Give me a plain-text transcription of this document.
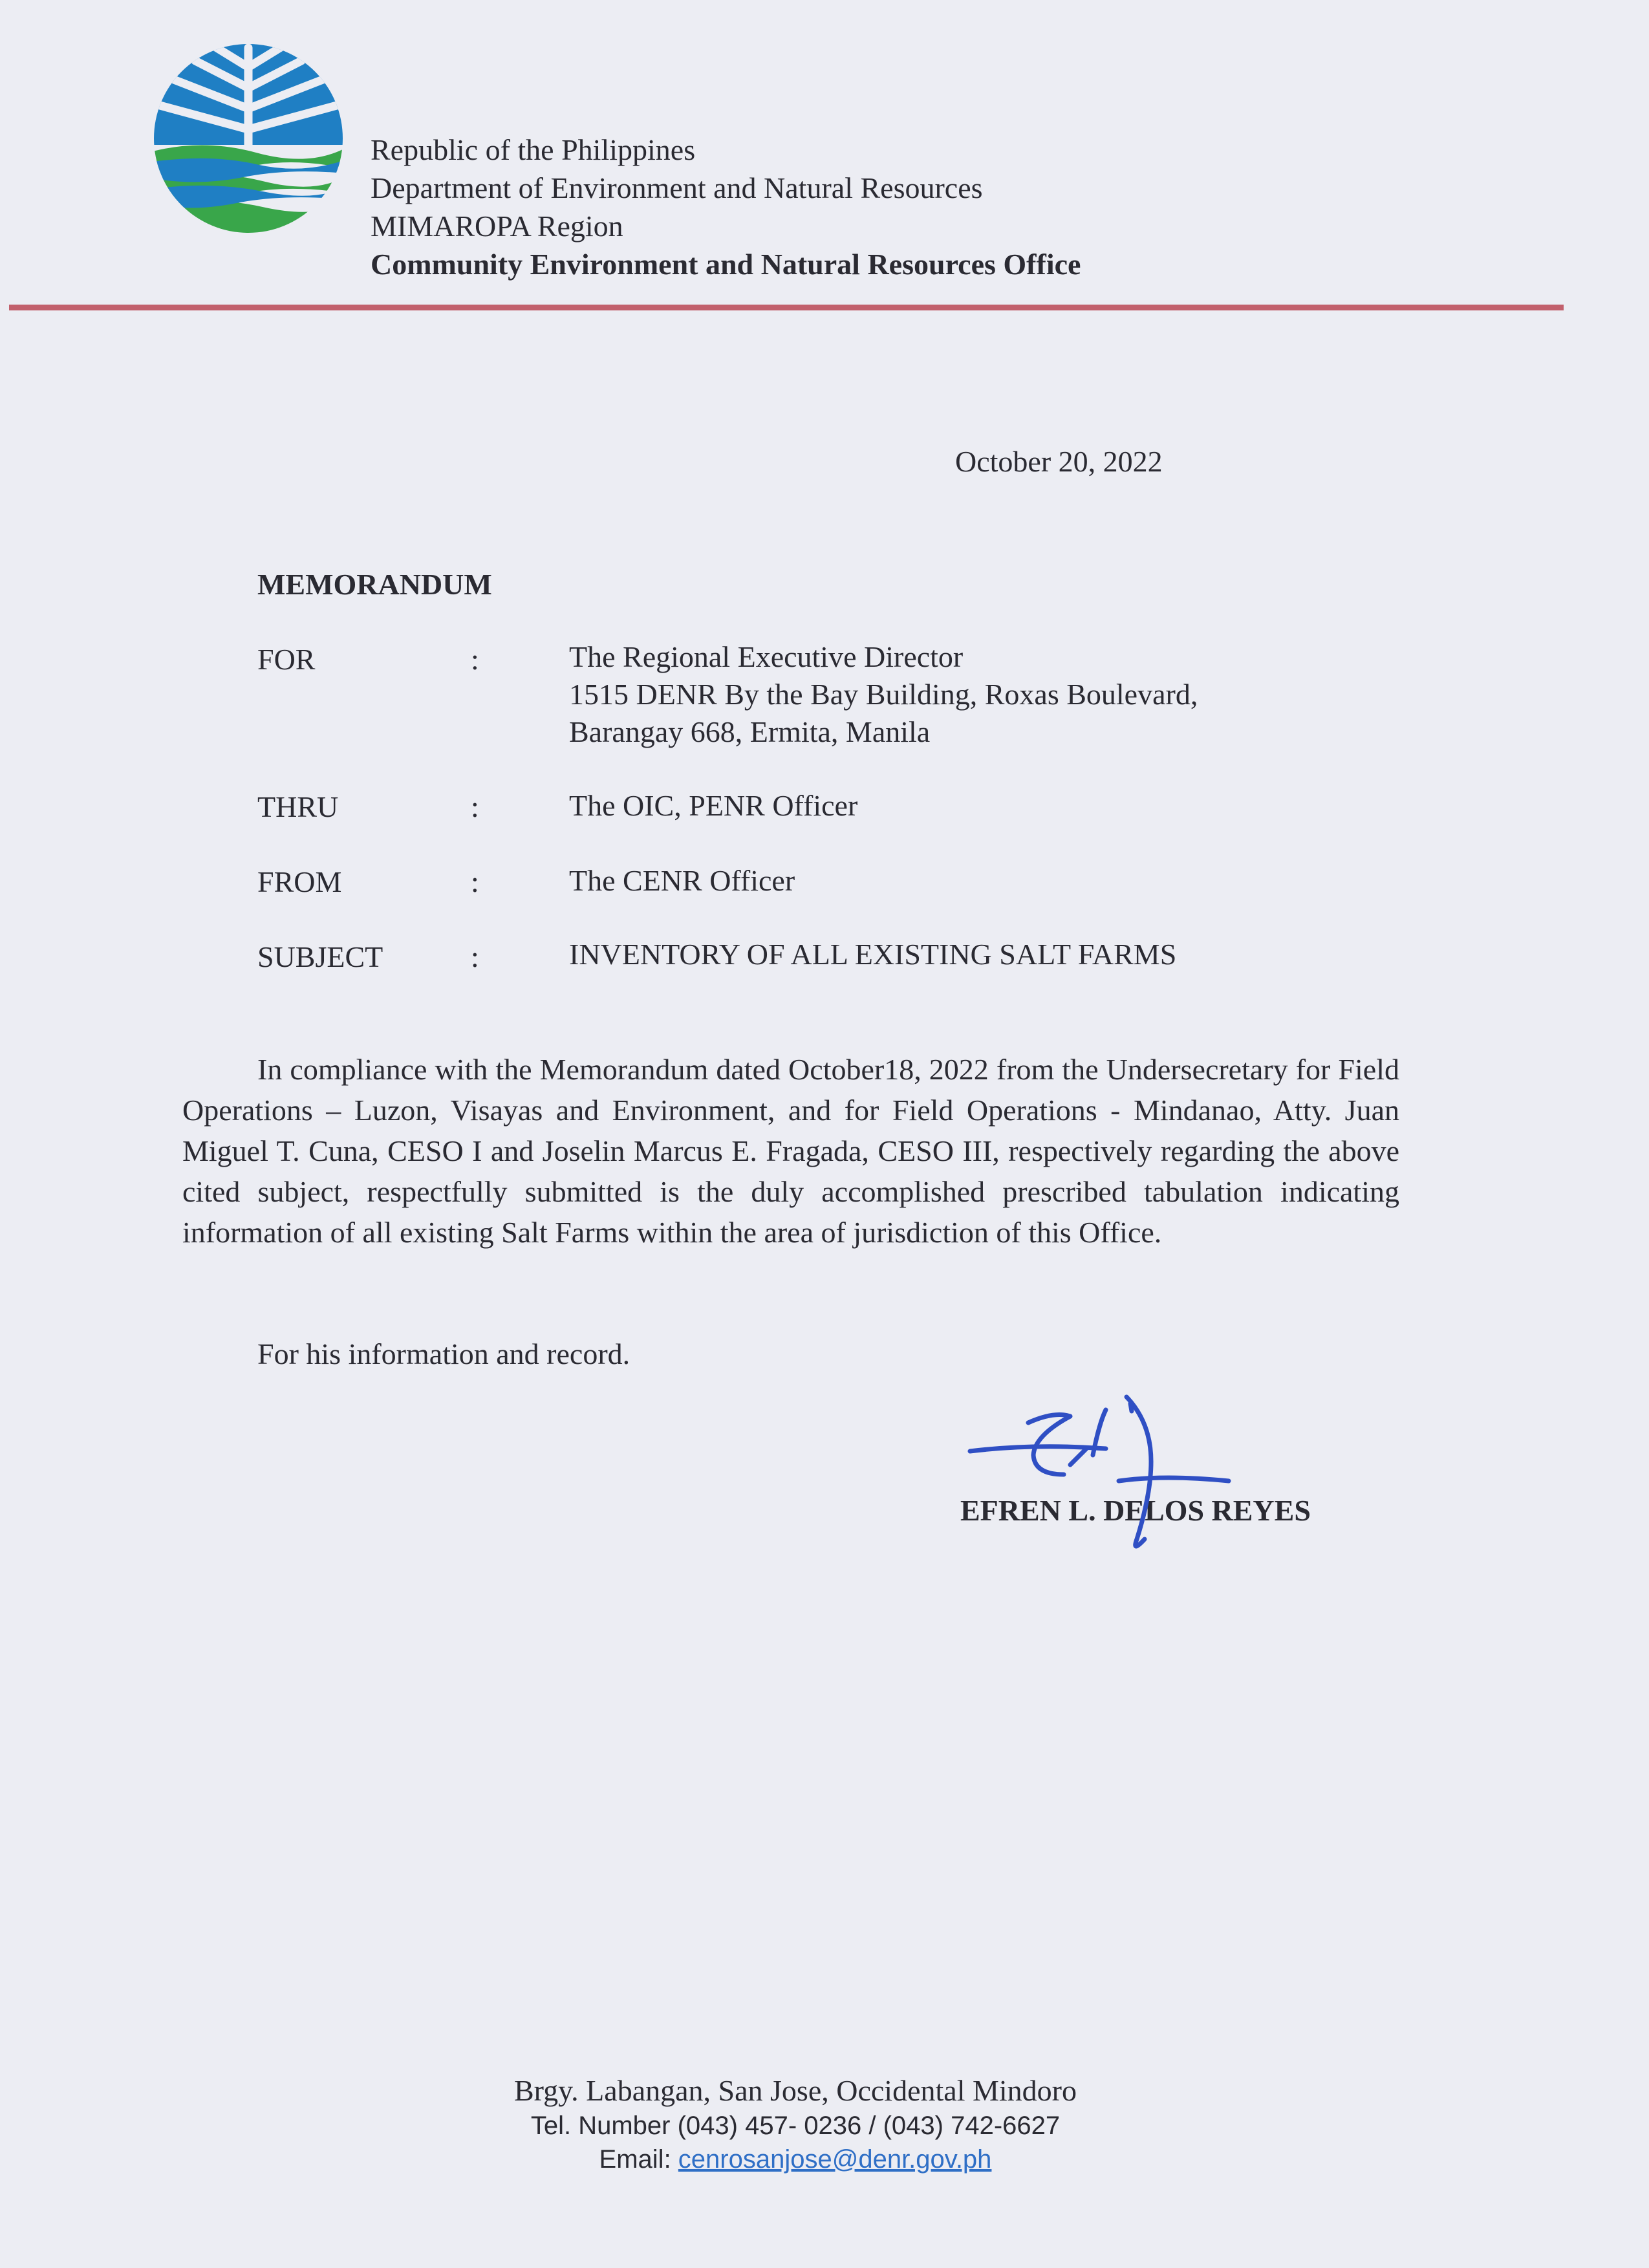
Republic of the Philippines
Department of Environment and Natural Resources
MIMAROPA Region
Community Environment and Natural Resources Office
October 20, 2022
MEMORANDUM
FOR	:	The Regional Executive Director
1515 DENR By the Bay Building, Roxas Boulevard,
Barangay 668, Ermita, Manila
THRU	:	The OIC, PENR Officer
FROM	:	The CENR Officer
SUBJECT	:	INVENTORY OF ALL EXISTING SALT FARMS

In compliance with the Memorandum dated October18, 2022 from the Undersecretary for Field Operations – Luzon, Visayas and Environment, and for Field Operations - Mindanao, Atty. Juan Miguel T. Cuna, CESO I and Joselin Marcus E. Fragada, CESO III, respectively regarding the above cited subject, respectfully submitted is the duly accomplished prescribed tabulation indicating information of all existing Salt Farms within the area of jurisdiction of this Office.

For his information and record.
EFREN L. DELOS REYES
Brgy. Labangan, San Jose, Occidental Mindoro
Tel. Number (043) 457- 0236 / (043) 742-6627
Email: cenrosanjose@denr.gov.ph
